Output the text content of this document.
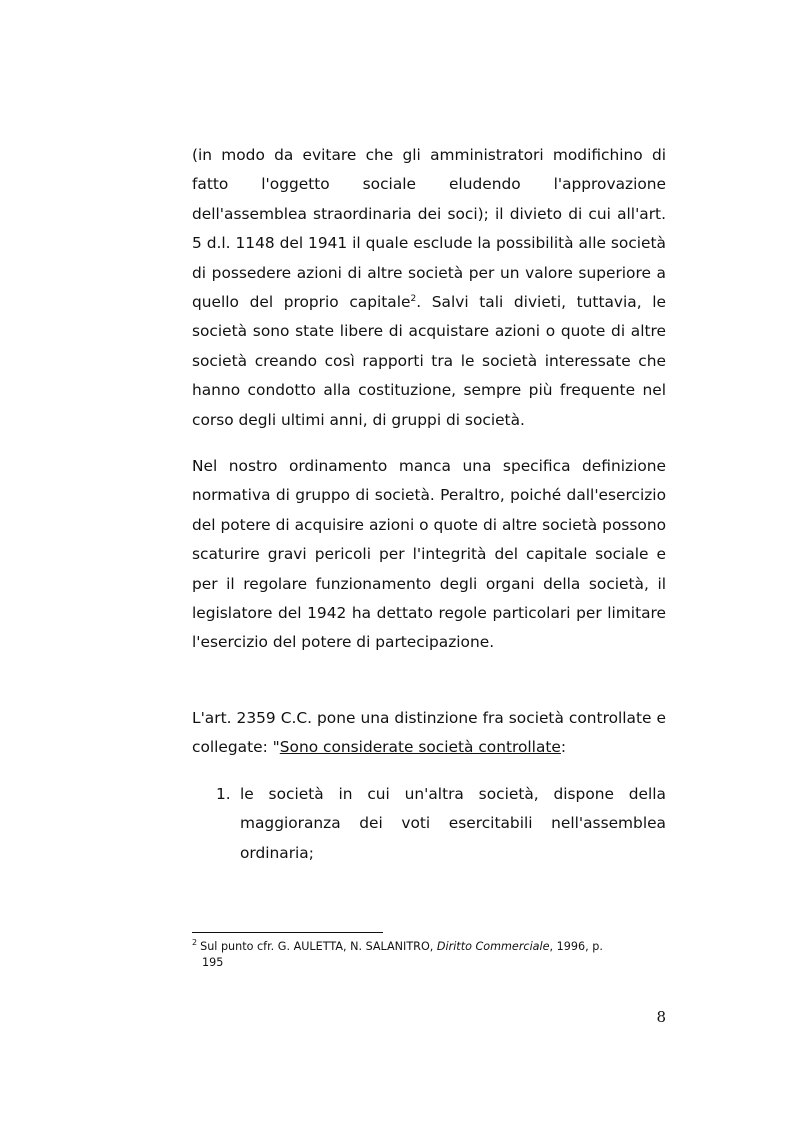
(in modo da evitare che gli amministratori modifichino di fatto l'oggetto sociale eludendo l'approvazione dell'assemblea straordinaria dei soci); il divieto di cui all'art. 5 d.l. 1148 del 1941 il quale esclude la possibilità alle società di possedere azioni di altre società per un valore superiore a quello del proprio capitale$^2$. Salvi tali divieti, tuttavia, le società sono state libere di acquistare azioni o quote di altre società creando così rapporti tra le società interessate che hanno condotto alla costituzione, sempre più frequente nel corso degli ultimi anni, di gruppi di società.

Nel nostro ordinamento manca una specifica definizione normativa di gruppo di società. Peraltro, poiché dall'esercizio del potere di acquisire azioni o quote di altre società possono scaturire gravi pericoli per l'integrità del capitale sociale e per il regolare funzionamento degli organi della società, il legislatore del 1942 ha dettato regole particolari per limitare l'esercizio del potere di partecipazione.

L'art. 2359 C.C. pone una distinzione fra società controllate e collegate: "Sono considerate società controllate:

1. le società in cui un'altra società, dispone della maggioranza dei voti esercitabili nell'assemblea ordinaria;

$^2$ Sul punto cfr. G. AULETTA, N. SALANITRO, Diritto Commerciale, 1996, p.
195
8
